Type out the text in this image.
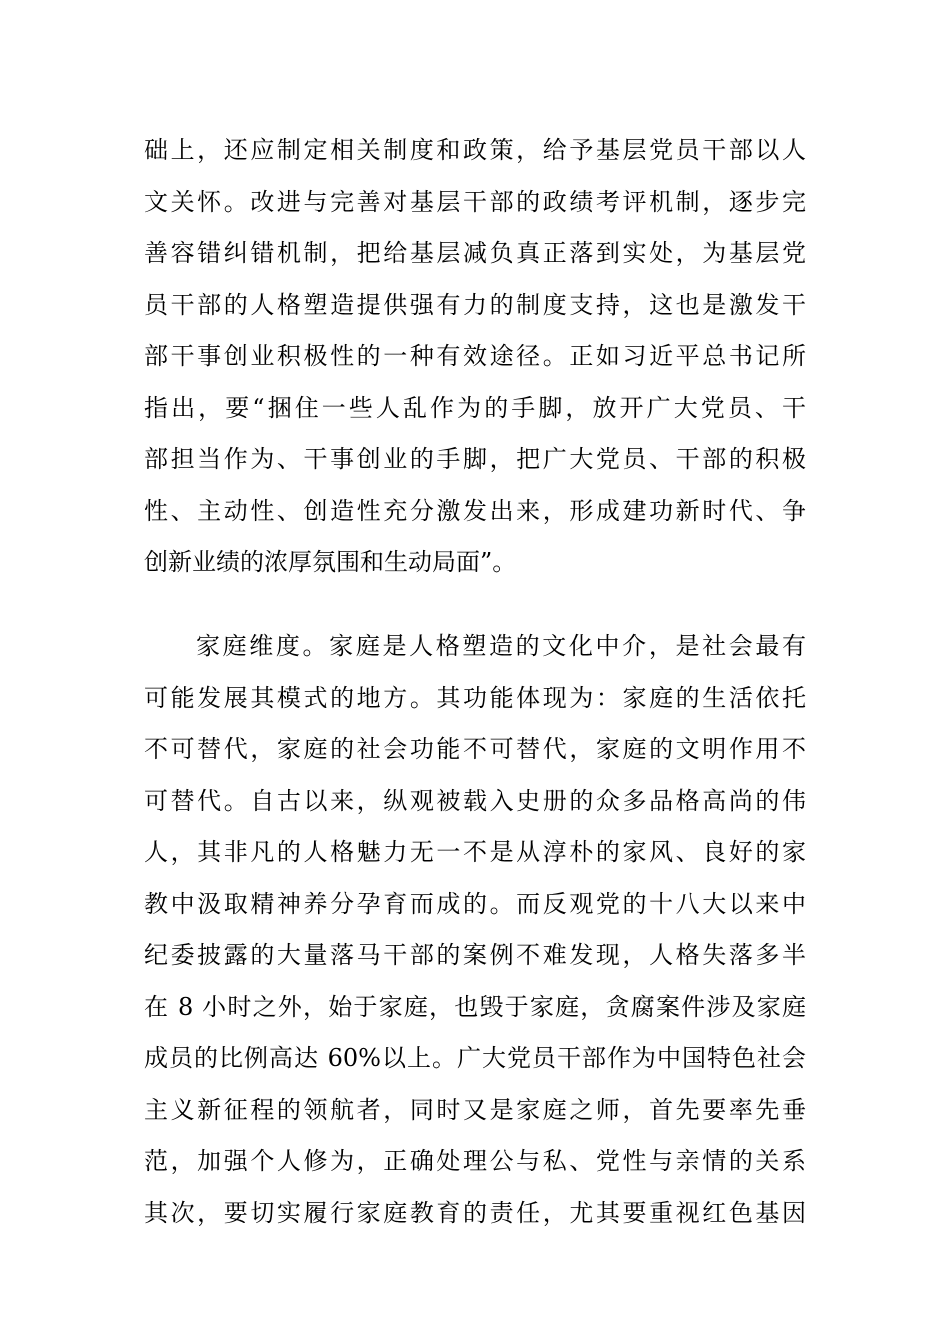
础上，还应制定相关制度和政策，给予基层党员干部以人
文关怀。改进与完善对基层干部的政绩考评机制，逐步完
善容错纠错机制，把给基层减负真正落到实处，为基层党
员干部的人格塑造提供强有力的制度支持，这也是激发干
部干事创业积极性的一种有效途径。正如习近平总书记所
指出，要“捆住一些人乱作为的手脚，放开广大党员、干
部担当作为、干事创业的手脚，把广大党员、干部的积极
性、主动性、创造性充分激发出来，形成建功新时代、争
创新业绩的浓厚氛围和生动局面”。
家庭维度。家庭是人格塑造的文化中介，是社会最有
可能发展其模式的地方。其功能体现为：家庭的生活依托
不可替代，家庭的社会功能不可替代，家庭的文明作用不
可替代。自古以来，纵观被载入史册的众多品格高尚的伟
人，其非凡的人格魅力无一不是从淳朴的家风、良好的家
教中汲取精神养分孕育而成的。而反观党的十八大以来中
纪委披露的大量落马干部的案例不难发现，人格失落多半
在 8 小时之外，始于家庭，也毁于家庭，贪腐案件涉及家庭
成员的比例高达 60%以上。广大党员干部作为中国特色社会
主义新征程的领航者，同时又是家庭之师，首先要率先垂
范，加强个人修为，正确处理公与私、党性与亲情的关系
其次，要切实履行家庭教育的责任，尤其要重视红色基因
